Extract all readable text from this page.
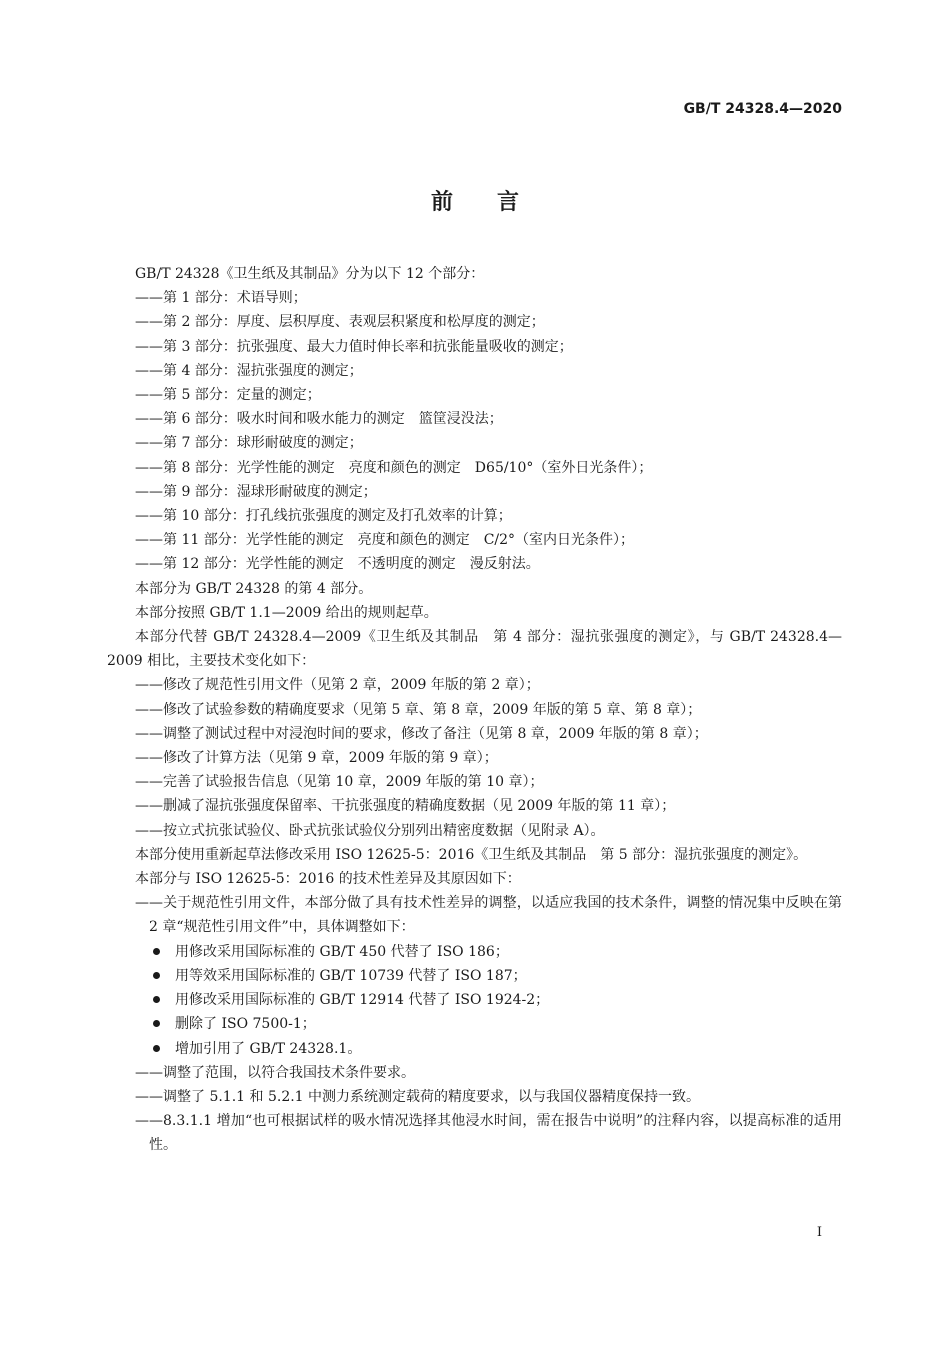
GB/T 24328.4—2020
前言

GB/T 24328《卫生纸及其制品》分为以下 12 个部分：

——第 1 部分：术语导则；

——第 2 部分：厚度、层积厚度、表观层积紧度和松厚度的测定；

——第 3 部分：抗张强度、最大力值时伸长率和抗张能量吸收的测定；

——第 4 部分：湿抗张强度的测定；

——第 5 部分：定量的测定；

——第 6 部分：吸水时间和吸水能力的测定　篮筐浸没法；

——第 7 部分：球形耐破度的测定；

——第 8 部分：光学性能的测定　亮度和颜色的测定　D65/10°（室外日光条件）；

——第 9 部分：湿球形耐破度的测定；

——第 10 部分：打孔线抗张强度的测定及打孔效率的计算；

——第 11 部分：光学性能的测定　亮度和颜色的测定　C/2°（室内日光条件）；

——第 12 部分：光学性能的测定　不透明度的测定　漫反射法。

本部分为 GB/T 24328 的第 4 部分。

本部分按照 GB/T 1.1—2009 给出的规则起草。

本部分代替 GB/T 24328.4—2009《卫生纸及其制品　第 4 部分：湿抗张强度的测定》，与 GB/T 24328.4—2009 相比，主要技术变化如下：

——修改了规范性引用文件（见第 2 章，2009 年版的第 2 章）；

——修改了试验参数的精确度要求（见第 5 章、第 8 章，2009 年版的第 5 章、第 8 章）；

——调整了测试过程中对浸泡时间的要求，修改了备注（见第 8 章，2009 年版的第 8 章）；

——修改了计算方法（见第 9 章，2009 年版的第 9 章）；

——完善了试验报告信息（见第 10 章，2009 年版的第 10 章）；

——删减了湿抗张强度保留率、干抗张强度的精确度数据（见 2009 年版的第 11 章）；

——按立式抗张试验仪、卧式抗张试验仪分别列出精密度数据（见附录 A）。

本部分使用重新起草法修改采用 ISO 12625-5：2016《卫生纸及其制品　第 5 部分：湿抗张强度的测定》。

本部分与 ISO 12625-5：2016 的技术性差异及其原因如下：

——关于规范性引用文件，本部分做了具有技术性差异的调整，以适应我国的技术条件，调整的情况集中反映在第 2 章“规范性引用文件”中，具体调整如下：

用修改采用国际标准的 GB/T 450 代替了 ISO 186；
用等效采用国际标准的 GB/T 10739 代替了 ISO 187；
用修改采用国际标准的 GB/T 12914 代替了 ISO 1924-2；
删除了 ISO 7500-1；
增加引用了 GB/T 24328.1。

——调整了范围，以符合我国技术条件要求。

——调整了 5.1.1 和 5.2.1 中测力系统测定载荷的精度要求，以与我国仪器精度保持一致。

——8.3.1.1 增加“也可根据试样的吸水情况选择其他浸水时间，需在报告中说明”的注释内容，以提高标准的适用性。

I
